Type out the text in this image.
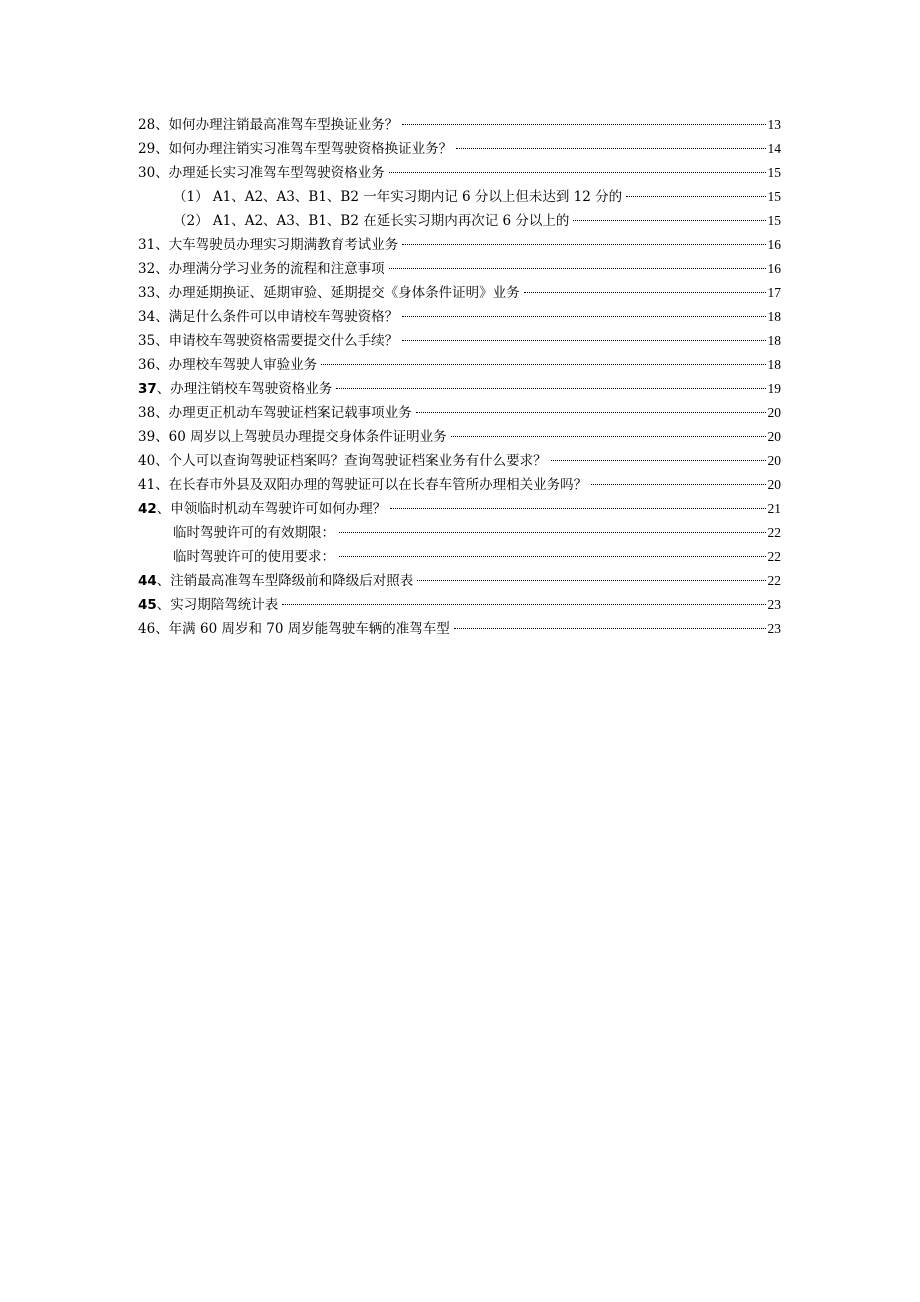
28、如何办理注销最高准驾车型换证业务？	13
29、如何办理注销实习准驾车型驾驶资格换证业务？	14
30、办理延长实习准驾车型驾驶资格业务	15
（1） A1、A2、A3、B1、B2 一年实习期内记 6 分以上但未达到 12 分的	15
（2） A1、A2、A3、B1、B2 在延长实习期内再次记 6 分以上的	15
31、大车驾驶员办理实习期满教育考试业务	16
32、办理满分学习业务的流程和注意事项	16
33、办理延期换证、延期审验、延期提交《身体条件证明》业务	17
34、满足什么条件可以申请校车驾驶资格？	18
35、申请校车驾驶资格需要提交什么手续？	18
36、办理校车驾驶人审验业务	18
37、办理注销校车驾驶资格业务	19
38、办理更正机动车驾驶证档案记载事项业务	20
39、60 周岁以上驾驶员办理提交身体条件证明业务	20
40、个人可以查询驾驶证档案吗？查询驾驶证档案业务有什么要求？	20
41、在长春市外县及双阳办理的驾驶证可以在长春车管所办理相关业务吗？	20
42、申领临时机动车驾驶许可如何办理？	21
临时驾驶许可的有效期限：	22
临时驾驶许可的使用要求：	22
44、注销最高准驾车型降级前和降级后对照表	22
45、实习期陪驾统计表	23
46、年满 60 周岁和 70 周岁能驾驶车辆的准驾车型	23
